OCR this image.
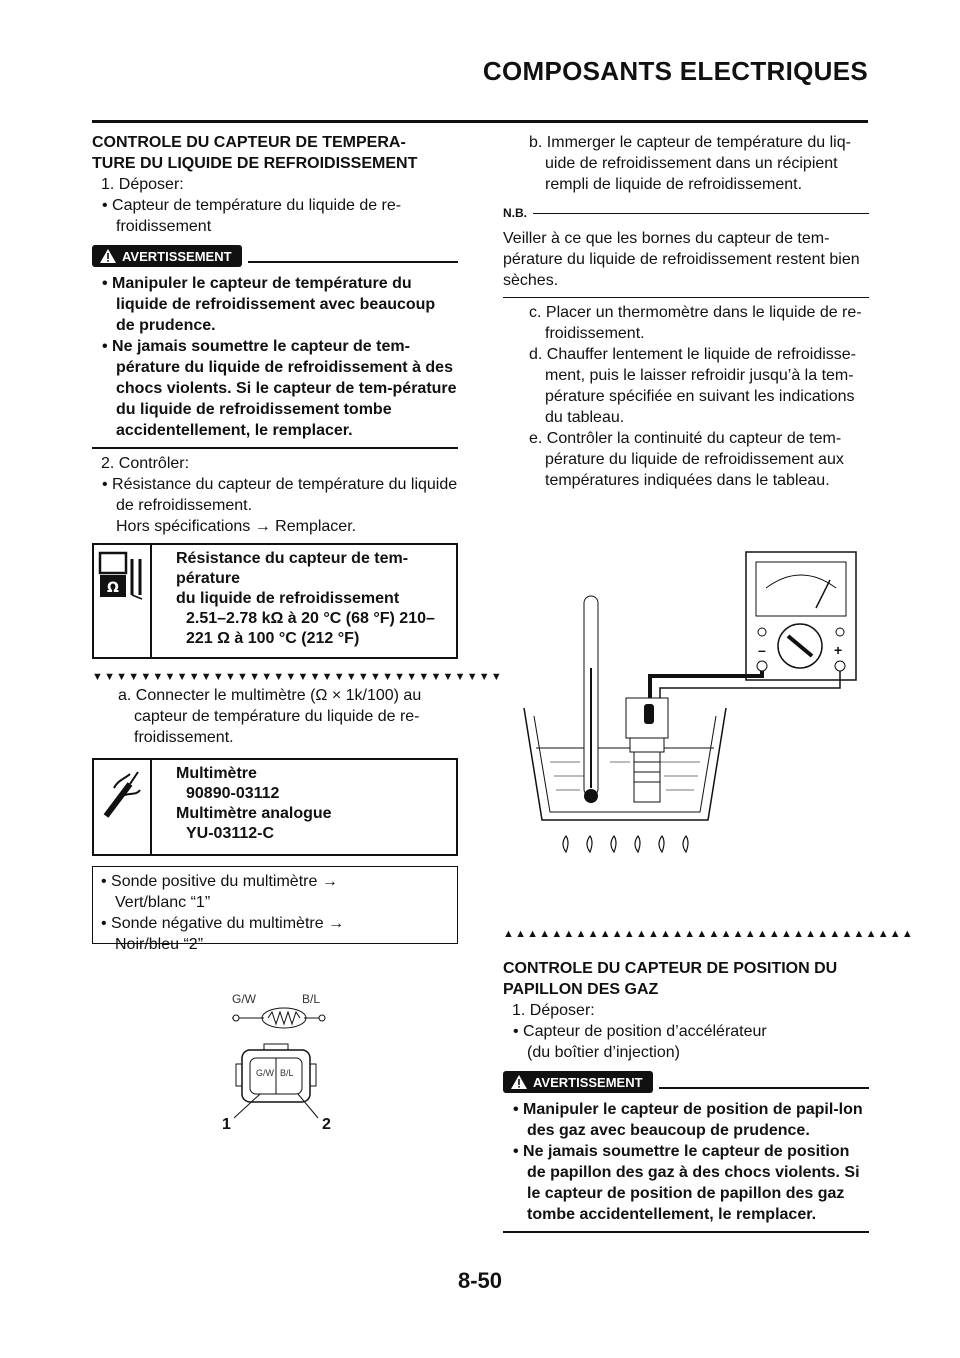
COMPOSANTS ELECTRIQUES
CONTROLE DU CAPTEUR DE TEMPERA-
TURE DU LIQUIDE DE REFROIDISSEMENT
1. Déposer:
• Capteur de température du liquide de re-froidissement
AVERTISSEMENT
• Manipuler le capteur de température du liquide de refroidissement avec beaucoup de prudence.
• Ne jamais soumettre le capteur de tem-pérature du liquide de refroidissement à des chocs violents. Si le capteur de tem-pérature du liquide de refroidissement tombe accidentellement, le remplacer.
2. Contrôler:
• Résistance du capteur de température du liquide de refroidissement.
Hors spécifications → Remplacer.
Ω
Résistance du capteur de tem-
pérature
du liquide de refroidissement
2.51–2.78 kΩ à 20 °C (68 °F) 210–
221 Ω à 100 °C (212 °F)
▼▼▼▼▼▼▼▼▼▼▼▼▼▼▼▼▼▼▼▼▼▼▼▼▼▼▼▼▼▼▼▼▼▼
a. Connecter le multimètre (Ω × 1k/100) au capteur de température du liquide de re-froidissement.
Multimètre
90890-03112
Multimètre analogue
YU-03112-C
• Sonde positive du multimètre →
Vert/blanc “1”
• Sonde négative du multimètre →
Noir/bleu “2”
G/W	B/L
G/W B/L
1	2
b. Immerger le capteur de température du liq-uide de refroidissement dans un récipient rempli de liquide de refroidissement.
N.B.
Veiller à ce que les bornes du capteur de tem-pérature du liquide de refroidissement restent bien sèches.
c. Placer un thermomètre dans le liquide de re-froidissement.
d. Chauffer lentement le liquide de refroidisse-ment, puis le laisser refroidir jusqu’à la tem-pérature spécifiée en suivant les indications du tableau.
e. Contrôler la continuité du capteur de tem-pérature du liquide de refroidissement aux températures indiquées dans le tableau.
–	+
▲▲▲▲▲▲▲▲▲▲▲▲▲▲▲▲▲▲▲▲▲▲▲▲▲▲▲▲▲▲▲▲▲▲
CONTROLE DU CAPTEUR DE POSITION DU
PAPILLON DES GAZ
1. Déposer:
• Capteur de position d’accélérateur
(du boîtier d’injection)
AVERTISSEMENT
• Manipuler le capteur de position de papil-lon des gaz avec beaucoup de prudence.
• Ne jamais soumettre le capteur de position de papillon des gaz à des chocs violents. Si le capteur de position de papillon des gaz tombe accidentellement, le remplacer.
8-50
